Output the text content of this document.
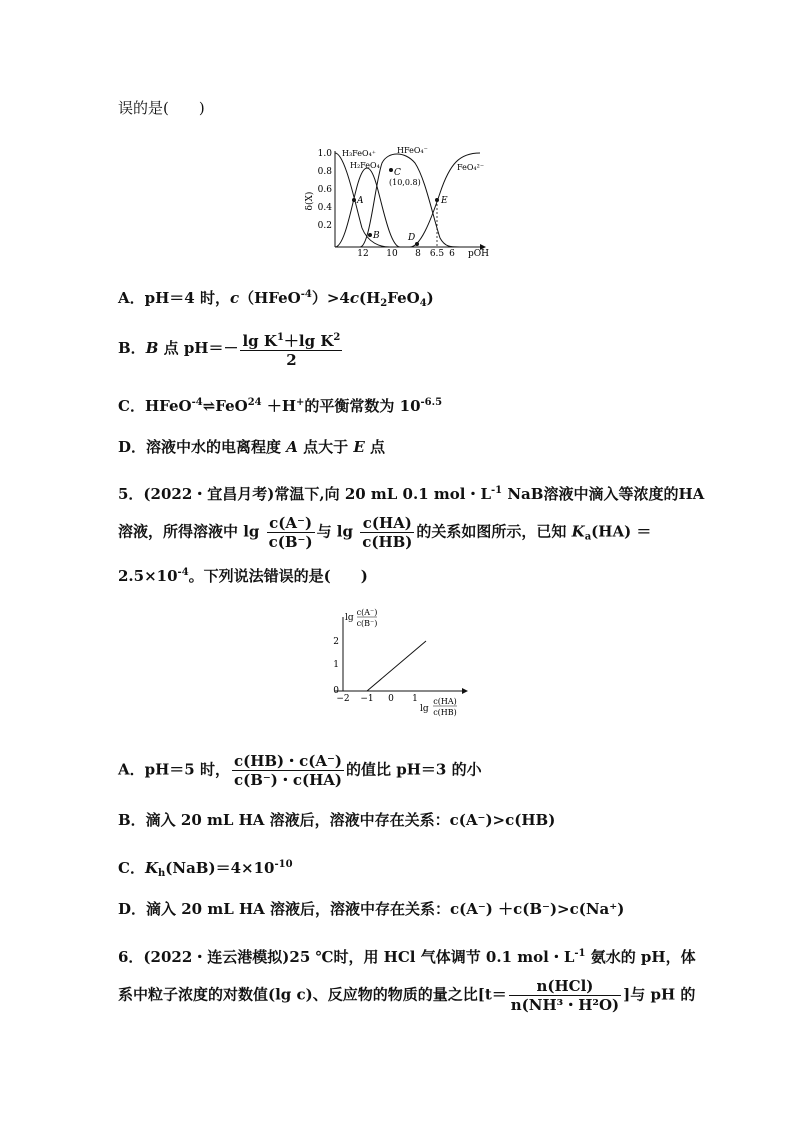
误的是(　　)
δ(X)
1.0
0.8
0.6
0.4
0.2
H₃FeO₄⁺
H₂FeO₄
HFeO₄⁻
FeO₄²⁻
A
B
C
(10,0.8)
D
E
12 10 8 6.5 6 pOH
A．pH＝4 时，$c(HFeO^{-4})>4c(H_2FeO_4)$
B．B 点 $pH=- \frac{\lg K^1+\lg K^2}{2}$
C．HFeO$^{-4}$⇌FeO$^{24}$ ＋H+的平衡常数为 $10^{-6.5}$
D．溶液中水的电离程度 A 点大于 E 点
5．(2022・宜昌月考)常温下,向 20 mL 0.1 mol・$L^{-1}$ NaB溶液中滴入等浓度的HA
溶液，所得溶液中 $\lg \frac{c(A^-)}{c(B^-)}$ 与 $\lg \frac{c(HA)}{c(HB)}$ 的关系如图所示，已知 $K_a(HA)$ ＝
$2.5\times 10^{-4}$。下列说法错误的是(　　)
lg
c(A⁻)
c(B⁻)
2
1
0
−2 −1 0 1
lg
c(HA)
c(HB)
A．pH＝5 时， $\frac{c(HB)・c(A^-)}{c(B^-)・c(HA)}$ 的值比 pH＝3 的小
B．滴入 20 mL HA 溶液后，溶液中存在关系：c(A⁻)>c(HB)
C．$K_h(NaB)=4\times 10^{-10}$
D．滴入 20 mL HA 溶液后，溶液中存在关系：c(A⁻) ＋c(B⁻)>c(Na⁺)
6．(2022・连云港模拟)25 ℃时，用 HCl 气体调节 0.1 mol・$L^{-1}$ 氨水的 pH，体
系中粒子浓度的对数值(lg c)、反应物的物质的量之比[$t= \frac{\text{n(HCl)}}{\text{n(NH³・H²O)}}$ ]与 pH 的
